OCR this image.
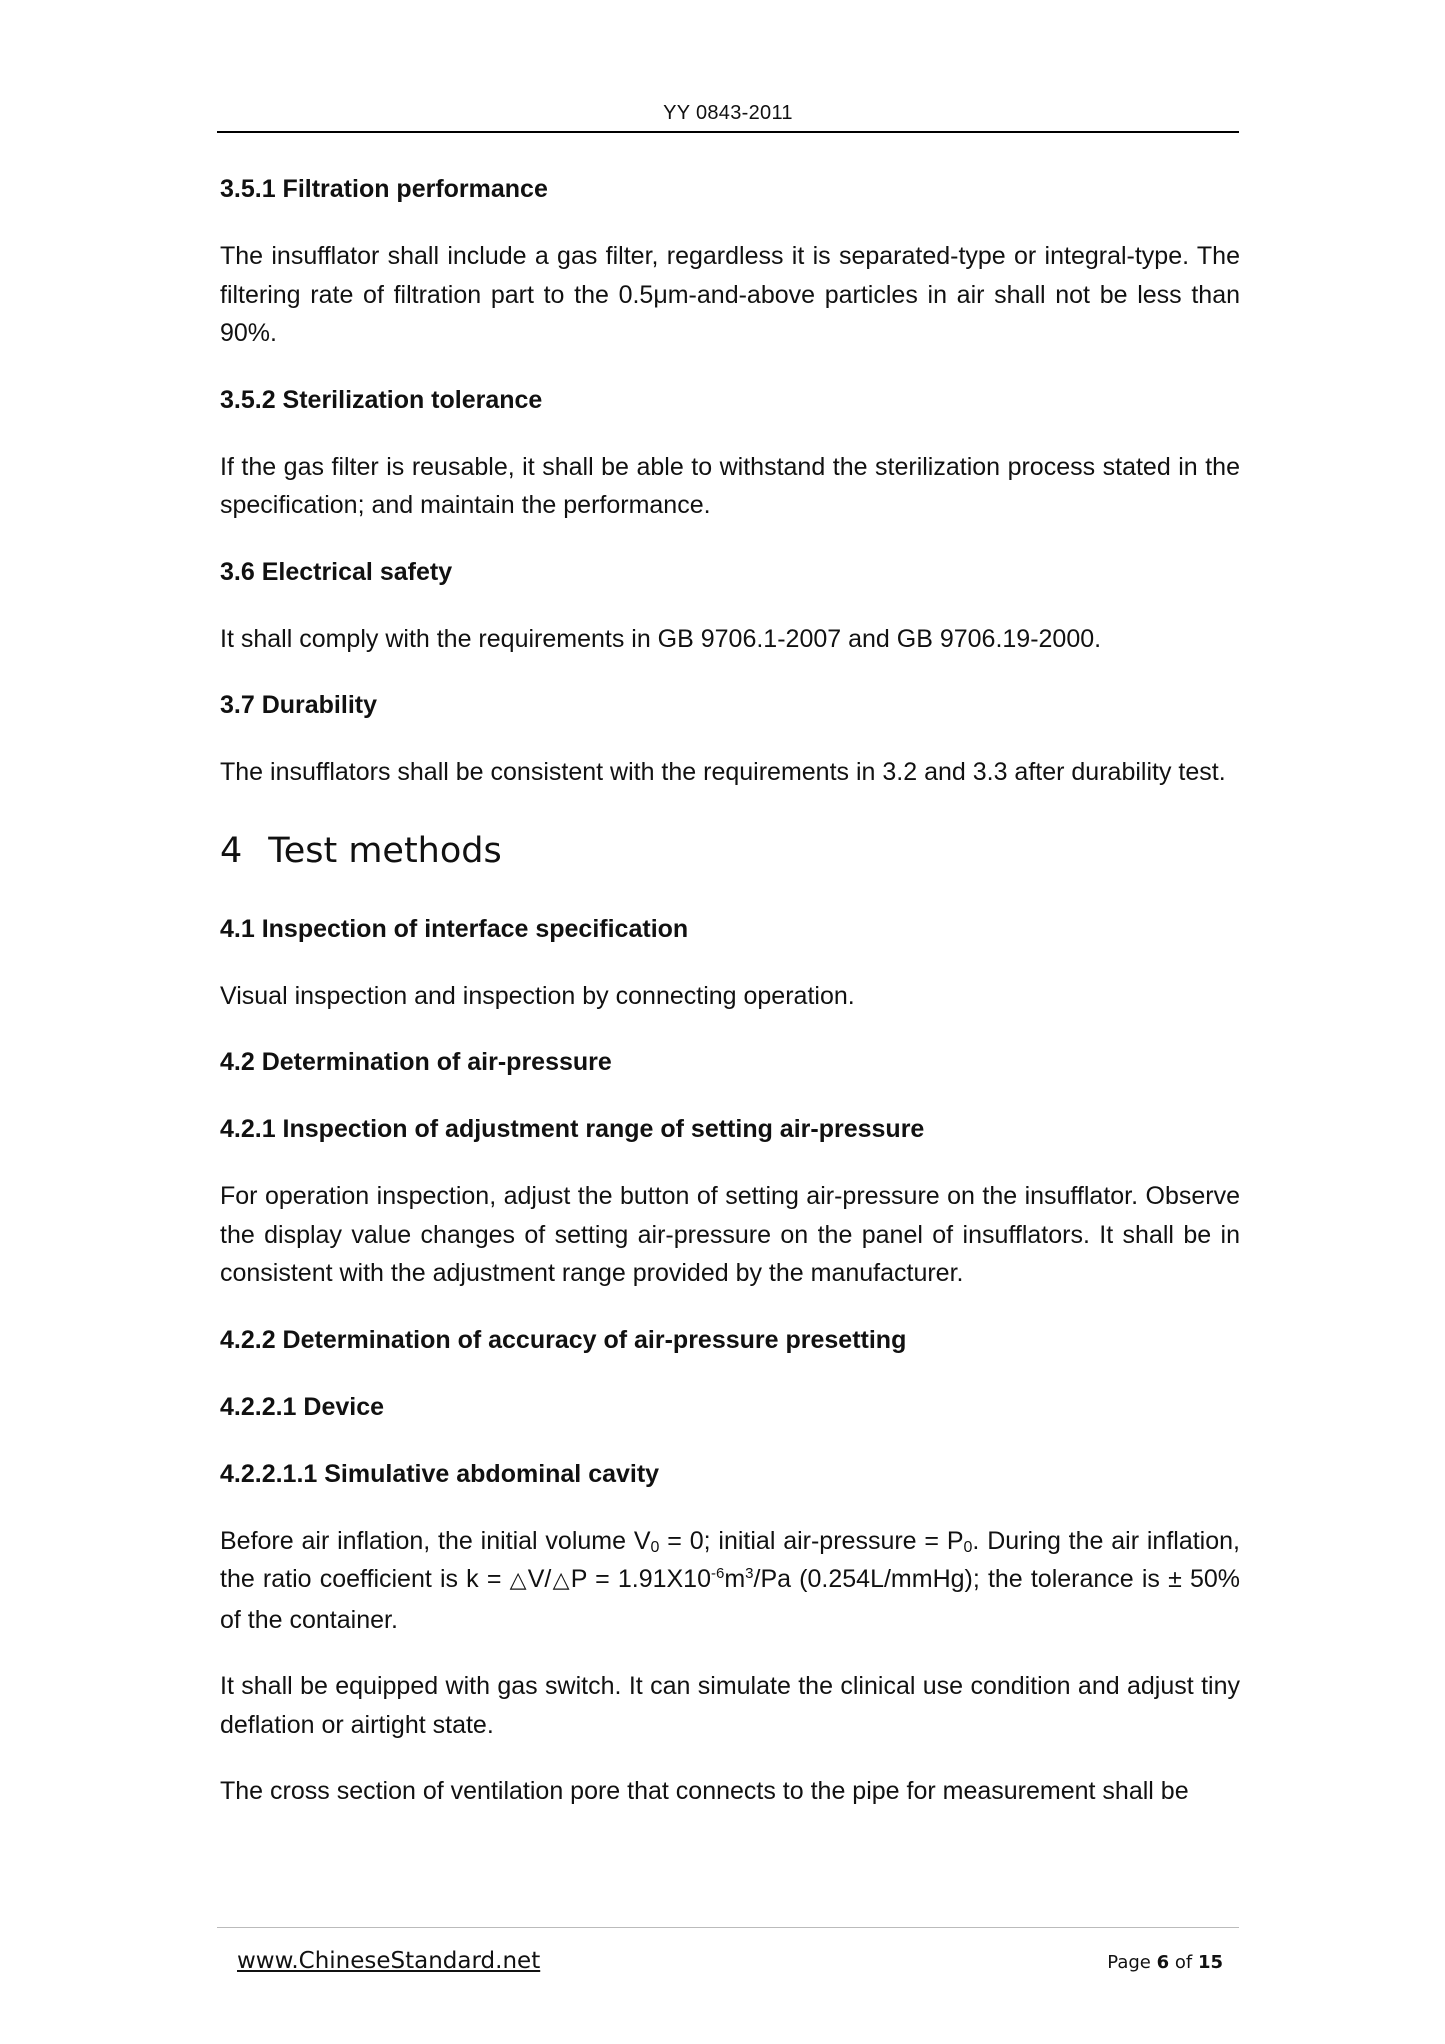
YY 0843-2011

3.5.1 Filtration performance

The insufflator shall include a gas filter, regardless it is separated-type or integral-type. The filtering rate of filtration part to the 0.5μm-and-above particles in air shall not be less than 90%.

3.5.2 Sterilization tolerance

If the gas filter is reusable, it shall be able to withstand the sterilization process stated in the specification; and maintain the performance.

3.6 Electrical safety

It shall comply with the requirements in GB 9706.1-2007 and GB 9706.19-2000.

3.7 Durability

The insufflators shall be consistent with the requirements in 3.2 and 3.3 after durability test.

4 Test methods

4.1 Inspection of interface specification

Visual inspection and inspection by connecting operation.

4.2 Determination of air-pressure

4.2.1 Inspection of adjustment range of setting air-pressure

For operation inspection, adjust the button of setting air-pressure on the insufflator. Observe the display value changes of setting air-pressure on the panel of insufflators. It shall be in consistent with the adjustment range provided by the manufacturer.

4.2.2 Determination of accuracy of air-pressure presetting

4.2.2.1 Device

4.2.2.1.1 Simulative abdominal cavity

Before air inflation, the initial volume $V_0 = 0$; initial air-pressure = $P_0$. During the air inflation, the ratio coefficient is k = △V/△P = $1.91X10^{-6}m^3/Pa$ (0.254L/mmHg); the tolerance is ± 50% of the container.

It shall be equipped with gas switch. It can simulate the clinical use condition and adjust tiny deflation or airtight state.

The cross section of ventilation pore that connects to the pipe for measurement shall be

www.ChineseStandard.net	Page 6 of 15
